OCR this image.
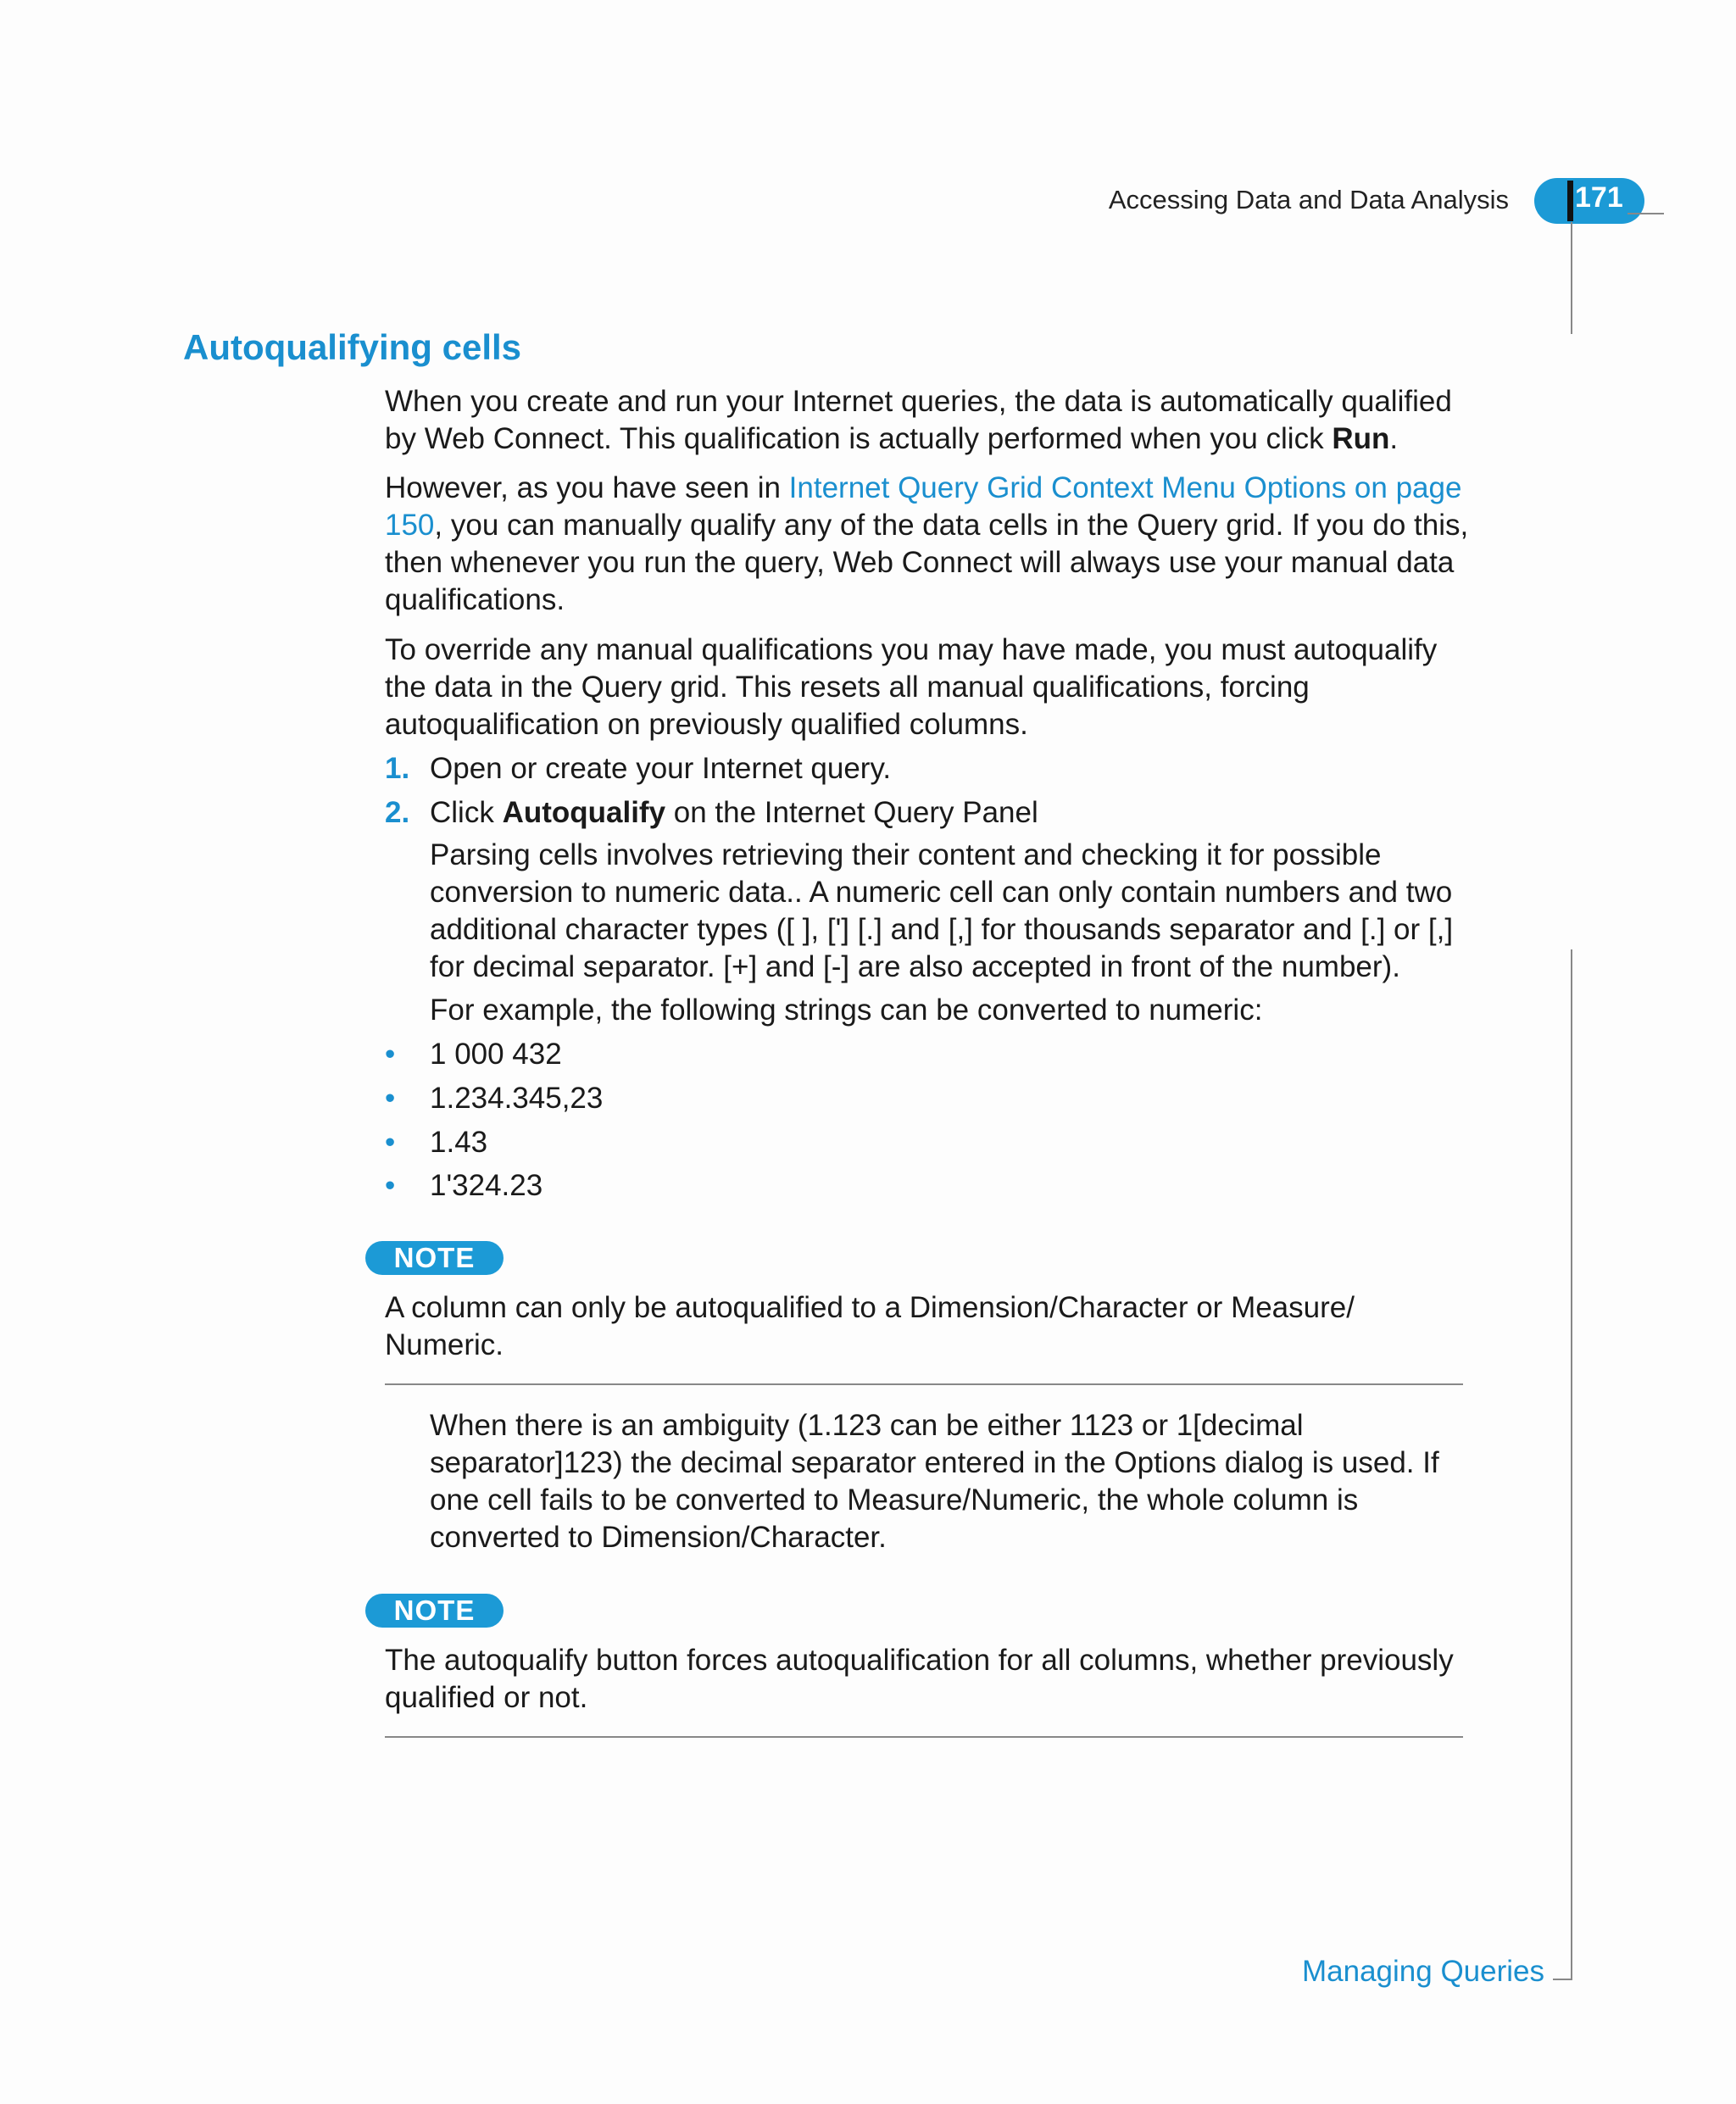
Accessing Data and Data Analysis 171
Autoqualifying cells

When you create and run your Internet queries, the data is automatically qualified by Web Connect. This qualification is actually performed when you click Run.

However, as you have seen in Internet Query Grid Context Menu Options on page 150, you can manually qualify any of the data cells in the Query grid. If you do this, then whenever you run the query, Web Connect will always use your manual data qualifications.

To override any manual qualifications you may have made, you must autoqualify the data in the Query grid. This resets all manual qualifications, forcing autoqualification on previously qualified columns.

1. Open or create your Internet query.
2. Click Autoqualify on the Internet Query Panel
Parsing cells involves retrieving their content and checking it for possible conversion to numeric data.. A numeric cell can only contain numbers and two additional character types ([ ], ['] [.] and [,] for thousands separator and [.] or [,] for decimal separator. [+] and [-] are also accepted in front of the number).
For example, the following strings can be converted to numeric:
• 1 000 432
• 1.234.345,23
• 1.43
• 1'324.23
NOTE

A column can only be autoqualified to a Dimension/Character or Measure/ Numeric.

When there is an ambiguity (1.123 can be either 1123 or 1[decimal separator]123) the decimal separator entered in the Options dialog is used. If one cell fails to be converted to Measure/Numeric, the whole column is converted to Dimension/Character.
NOTE

The autoqualify button forces autoqualification for all columns, whether previously qualified or not.

Managing Queries
